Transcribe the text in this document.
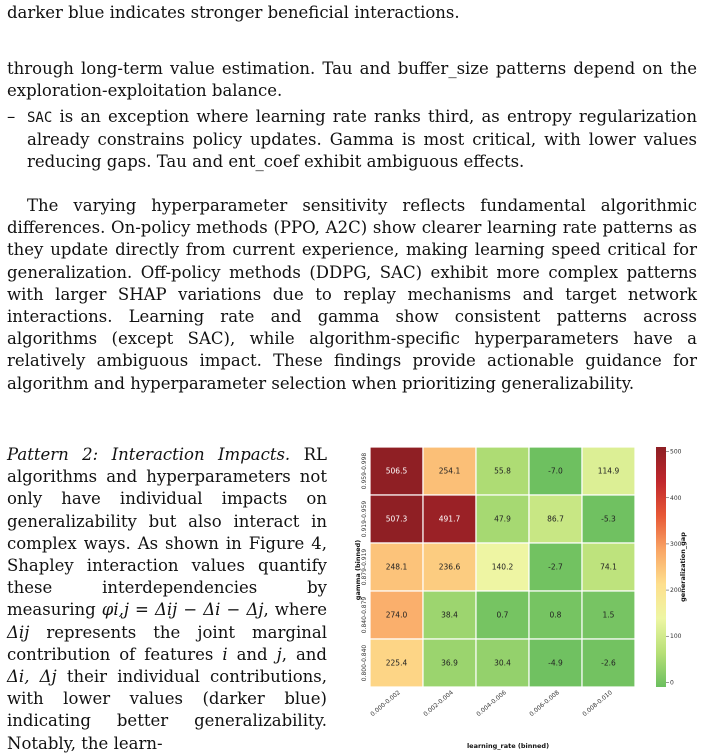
darker blue indicates stronger beneficial interactions.

through long-term value estimation. Tau and buffer_size patterns depend on the exploration-exploitation balance.

– SAC is an exception where learning rate ranks third, as entropy regularization already constrains policy updates. Gamma is most critical, with lower values reducing gaps. Tau and ent_coef exhibit ambiguous effects.

The varying hyperparameter sensitivity reflects fundamental algorithmic differences. On-policy methods (PPO, A2C) show clearer learning rate patterns as they update directly from current experience, making learning speed critical for generalization. Off-policy methods (DDPG, SAC) exhibit more complex patterns with larger SHAP variations due to replay mechanisms and target network interactions. Learning rate and gamma show consistent patterns across algorithms (except SAC), while algorithm-specific hyperparameters have a relatively ambiguous impact. These findings provide actionable guidance for algorithm and hyperparameter selection when prioritizing generalizability.

Pattern 2: Interaction Impacts. RL algorithms and hyperparameters not only have individual impacts on generalizability but also interact in complex ways. As shown in Figure 4, Shapley interaction values quantify these interdependencies by measuring φi,j = Δij − Δi − Δj, where Δij represents the joint marginal contribution of features i and j, and Δi, Δj their individual contributions, with lower values (darker blue) indicating better generalizability. Notably, the learn-

506.5	254.1	55.8	-7.0	114.9
507.3	491.7	47.9	86.7	-5.3
248.1	236.6	140.2	-2.7	74.1
274.0	38.4	0.7	0.8	1.5
225.4	36.9	30.4	-4.9	-2.6
0.959-0.998
0.919-0.959
0.879-0.919
0.840-0.879
0.800-0.840
0.000-0.002	0.002-0.004	0.004-0.006	0.006-0.008	0.008-0.010
gamma (binned)
learning_rate (binned)
0
100
200
300
400
500
generalization_gap
